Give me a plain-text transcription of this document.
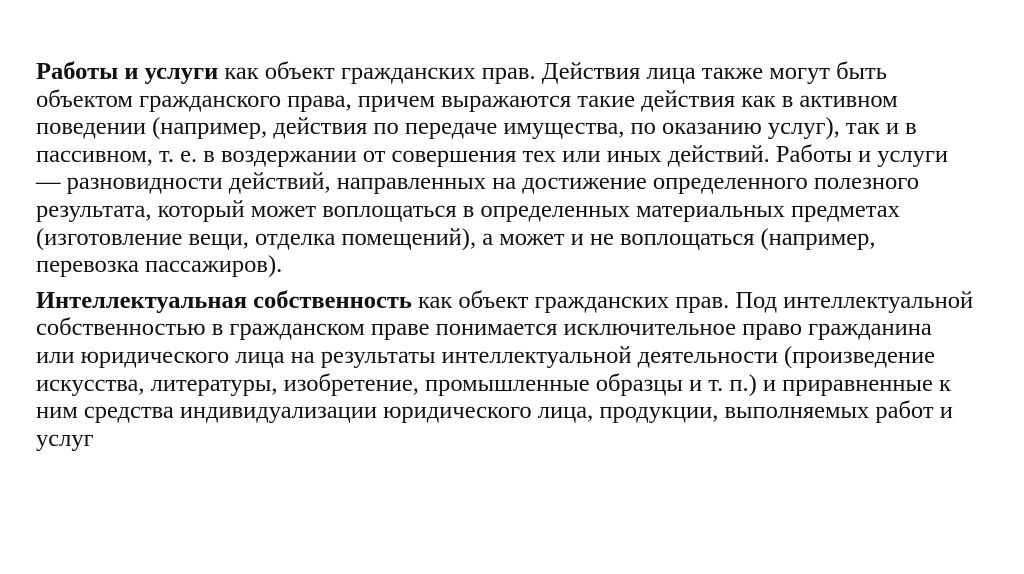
Работы и услуги как объект гражданских прав. Действия лица также могут быть объектом гражданского права, причем выражаются такие действия как в активном поведении (например, действия по передаче имущества, по оказанию услуг), так и в пассивном, т. е. в воздержании от совершения тех или иных действий. Работы и услуги — разновидности действий, направленных на достижение определенного полезного результата, который может воплощаться в определенных материальных предметах (изготовление вещи, отделка помещений), а может и не воплощаться (например, перевозка пассажиров).

Интеллектуальная собственность как объект гражданских прав. Под интеллектуальной собственностью в гражданском праве понимается исключительное право гражданина или юридического лица на результаты интеллектуальной деятельности (произведение искусства, литературы, изобретение, промышленные образцы и т. п.) и приравненные к ним средства индивидуализации юридического лица, продукции, выполняемых работ и услуг
